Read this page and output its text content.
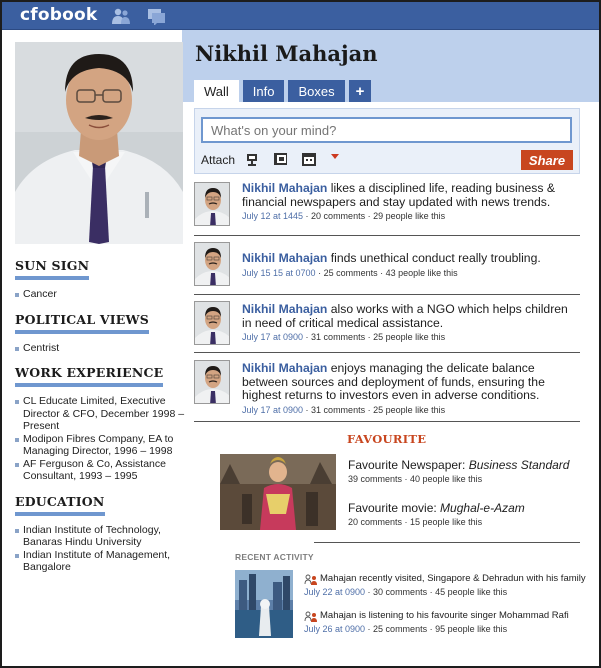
cfobook
Nikhil Mahajan
Wall	Info	Boxes	+
SUN SIGN
Cancer
POLITICAL VIEWS
Centrist
WORK EXPERIENCE
CL Educate Limited, Executive Director & CFO, December 1998 – Present
Modipon Fibres Company, EA to Managing Director, 1996 – 1998
AF Ferguson & Co, Assistance Consultant, 1993 – 1995
EDUCATION
Indian Institute of Technology, Banaras Hindu University
Indian Institute of Management, Bangalore
What's on your mind?
Attach	Share
Nikhil Mahajan likes a disciplined life, reading business & financial newspapers and stay updated with news trends.
July 12 at 1445 · 20 comments · 29 people like this
Nikhil Mahajan finds unethical conduct really troubling.
July 15 15 at 0700 · 25 comments · 43 people like this
Nikhil Mahajan also works with a NGO which helps children in need of critical medical assistance.
July 17 at 0900 · 31 comments · 25 people like this
Nikhil Mahajan enjoys managing the delicate balance between sources and deployment of funds, ensuring the highest returns to investors even in adverse conditions.
July 17 at 0900 · 31 comments · 25 people like this
FAVOURITE
Favourite Newspaper: Business Standard
39 comments · 40 people like this
Favourite movie: Mughal-e-Azam
20 comments · 15 people like this
RECENT ACTIVITY
Mahajan recently visited, Singapore & Dehradun with his family
July 22 at 0900 · 30 comments · 45 people like this
Mahajan is listening to his favourite singer Mohammad Rafi
July 26 at 0900 · 25 comments · 95 people like this
